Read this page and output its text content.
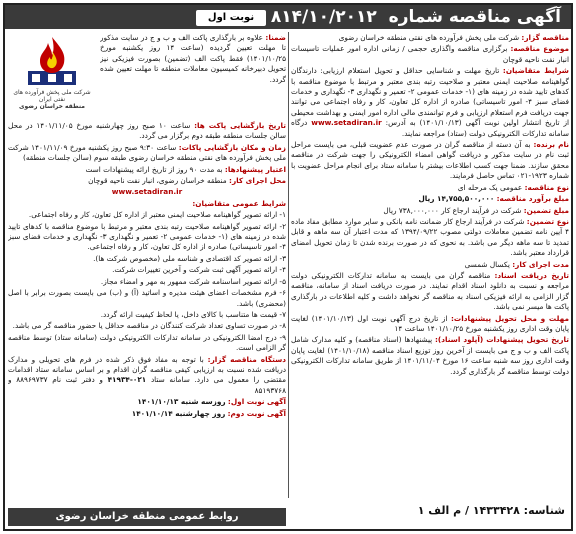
آگهی مناقصه شماره ۸۱۴/۱۰/۲۰۱۲
نوبت اول
شرکت ملی پخش فرآورده های نفتی ایران
منطقه خراسان رضوی

مناقصه گزار: شرکت ملی پخش فرآورده های نفتی منطقه خراسان رضوی

موضوع مناقصه: برگزاری مناقصه واگذاری حجمی / زمانی اداره امور عملیات تاسیسات انبار نفت ناحیه قوچان

شرایط متقاضیان: تاریخ مهلت و شناسایی حداقل و تحویل استعلام ارزیابی: دارندگان گواهینامه صلاحیت ایمنی معتبر و صلاحیت رتبه بندی معتبر و مرتبط با موضوع مناقصه با کدهای تایید شده در زمینه های (۱- خدمات عمومی ۲- تعمیر و نگهداری ۳- نگهداری و خدمات فضای سبز ۴- امور تاسیساتی) صادره از اداره کل تعاون، کار و رفاه اجتماعی می توانند جهت دریافت فرم استعلام ارزیابی و فرم توانمندی مالی اداره امور ایمنی و بهداشت محیطی از تاریخ انتشار اولین نوبت آگهی (۱۴۰۱/۱۰/۱۳) به آدرس: www.setadiran.ir درگاه سامانه تدارکات الکترونیکی دولت (ستاد) مراجعه نمایند.

نام برنده: به آن دسته از مناقصه گران در صورت عدم عضویت قبلی، می بایست مراحل ثبت نام در سایت مذکور و دریافت گواهی امضاء الکترونیکی را جهت شرکت در مناقصه محقق سازند. ضمنا جهت کسب اطلاعات بیشتر با سامانه ستاد برای انجام مراحل عضویت با شماره ۱۹۲۳-۰۲۱ تماس حاصل فرمایند.

نوع مناقصه: عمومی یک مرحله ای

مبلغ برآورد مناقصه: ۱۴,۷۵۵,۵۰۰,۰۰۰ ریال

مبلغ تضمین: شرکت در فرآیند ارجاع کار ۷۳۸,۰۰۰,۰۰۰ ریال

نوع تضمین: شرکت در فرآیند ارجاع کار ضمانت نامه بانکی و سایر موارد مطابق مفاد ماده ۴ آیین نامه تضمین معاملات دولتی مصوب ۱۳۹۴/۰۹/۲۲ که مدت اعتبار آن سه ماهه و قابل تمدید تا سه ماهه دیگر می باشد. به نحوی که در صورت برنده شدن تا زمان تحویل امضای قرارداد معتبر باشد.

مدت اجرای کار: یکسال شمسی

تاریخ دریافت اسناد: مناقصه گران می بایست به سامانه تدارکات الکترونیکی دولت مراجعه و نسبت به دانلود اسناد اقدام نمایند. در صورت دریافت اسناد از سامانه، مناقصه گزار الزامی به ارائه فیزیکی اسناد به مناقصه گر نخواهد داشت و کلیه اطلاعات در بارگذاری پاکت ها میسر نمی باشد.

مهلت و محل تحویل پیشنهادات: از تاریخ درج آگهی نوبت اول (۱۴۰۱/۱۰/۱۳) لغایت پایان وقت اداری روز یکشنبه مورخ ۱۴۰۱/۱۰/۲۵ ساعت ۱۴

تاریخ تحویل پیشنهادات (آپلود اسناد): پیشنهادها (اسناد مناقصه) و کلیه مدارک شامل پاکت الف و ب و ج می بایست از آخرین روز توزیع اسناد مناقصه (۱۴۰۱/۱۰/۱۸) لغایت پایان وقت اداری روز سه شنبه ساعت ۱۶ مورخ ۱۴۰۱/۱۱/۰۴ از طریق سامانه تدارکات الکترونیکی دولت توسط مناقصه گر بارگذاری گردد.

ضمنا: علاوه بر بارگذاری پاکت الف و ب و ج در سایت مذکور تا مهلت تعیین گردیده (ساعت ۱۴ روز یکشنبه مورخ ۱۴۰۱/۱۰/۲۵) فقط پاکت الف (تضمین) بصورت فیزیکی نیز تحویل دبیرخانه کمیسیون معاملات منطقه تا مهلت تعیین شده گردد.

تاریخ بازگشایی پاکت ها: ساعت ۱۰ صبح روز چهارشنبه مورخ ۱۴۰۱/۱۱/۰۵ در محل سالن جلسات منطقه طبقه دوم برگزار می گردد.

زمان و مکان بازگشایی پاکات: ساعت ۹:۳۰ صبح روز یکشنبه مورخ ۱۴۰۱/۱۱/۰۹ شرکت ملی پخش فرآورده های نفتی منطقه خراسان رضوی طبقه سوم (سالن جلسات منطقه)

اعتبار پیشنهادها: به مدت ۹۰ روز از تاریخ ارائه پیشنهادات است

محل اجرای کار: منطقه خراسان رضوی، انبار نفت ناحیه قوچان

www.setadiran.ir

شرایط عمومی متقاضیان:

۱- ارائه تصویر گواهینامه صلاحیت ایمنی معتبر از اداره کل تعاون، کار و رفاه اجتماعی.

۲- ارائه تصویر گواهینامه صلاحیت رتبه بندی معتبر و مرتبط با موضوع مناقصه با کدهای تایید شده در زمینه های (۱- خدمات عمومی ۲- تعمیر و نگهداری ۳- نگهداری و خدمات فضای سبز ۴- امور تاسیساتی) صادره از اداره کل تعاون، کار و رفاه اجتماعی.

۳- ارائه تصویر کد اقتصادی و شناسه ملی (مخصوص شرکت ها).

۴- ارائه تصویر آگهی ثبت شرکت و آخرین تغییرات شرکت.

۵- ارائه تصویر اساسنامه شرکت ممهور به مهر و امضاء مجاز.

۶- فرم مشخصات اعضای هیئت مدیره و اساتید (آ) و (ب) می بایست بصورت برابر با اصل (محضری) باشد.

۷- قیمت ها متناسب با کالای داخل، یا لحاظ کیفیت ارائه گردد.

۸- در صورت تساوی تعداد شرکت کنندگان در مناقصه حداقل یا حضور مناقصه گر می باشد.

۹- درج امضا الکترونیکی در سامانه تدارکات الکترونیکی دولت (سامانه ستاد) توسط مناقصه گر الزامی است.

دستگاه مناقصه گزار: با توجه به مفاد فوق ذکر شده در فرم های تحویلی و مدارک دریافت شده نسبت به ارزیابی کیفی مناقصه گران اقدام و بر اساس سامانه ستاد اقدامات مقتضی را معمول می دارد. سامانه ستاد ۰۲۱-۴۱۹۳۴ و دفتر ثبت نام ۸۸۹۶۹۷۳۷ و ۸۵۱۹۳۷۶۸

آگهی نوبت اول: روزسه شنبه ۱۴۰۱/۱۰/۱۳

آگهی نوبت دوم: روز چهارشنبه ۱۴۰۱/۱۰/۱۴

روابط عمومی منطقه خراسان رضوی	شناسه: ۱۴۳۳۴۲۸ / م الف ۱
